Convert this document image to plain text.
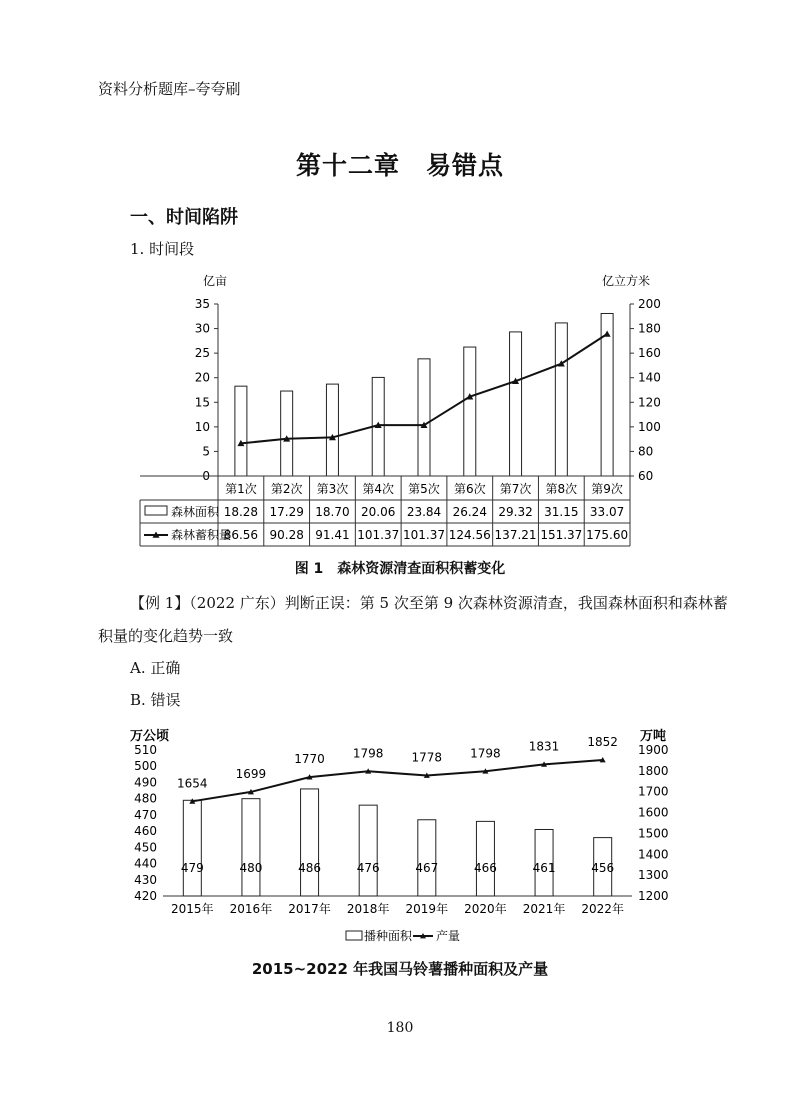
资料分析题库–夸夸刷
第十二章　易错点
一、时间陷阱
1. 时间段
亿亩	亿立方米
0
5
10
15
20
25
30
35
60
80
100
120
140
160
180
200
第1次
18.28
86.56
第2次
17.29
90.28
第3次
18.70
91.41
第4次
20.06
101.37
第5次
23.84
101.37
第6次
26.24
124.56
第7次
29.32
137.21
第8次
31.15
151.37
第9次
33.07
175.60
森林面积
森林蓄积量
图 1　森林资源清查面积积蓄变化
【例 1】（2022 广东）判断正误：第 5 次至第 9 次森林资源清查，我国森林面积和森林蓄
积量的变化趋势一致
A. 正确
B. 错误
万公顷	万吨
420
430
440
450
460
470
480
490
500
510
1200
1300
1400
1500
1600
1700
1800
1900
479
2015年
480
2016年
486
2017年
476
2018年
467
2019年
466
2020年
461
2021年
456
2022年
1654
1699
1770 1798 1778 1798 1831 1852
播种面积 产量
2015~2022 年我国马铃薯播种面积及产量
180
